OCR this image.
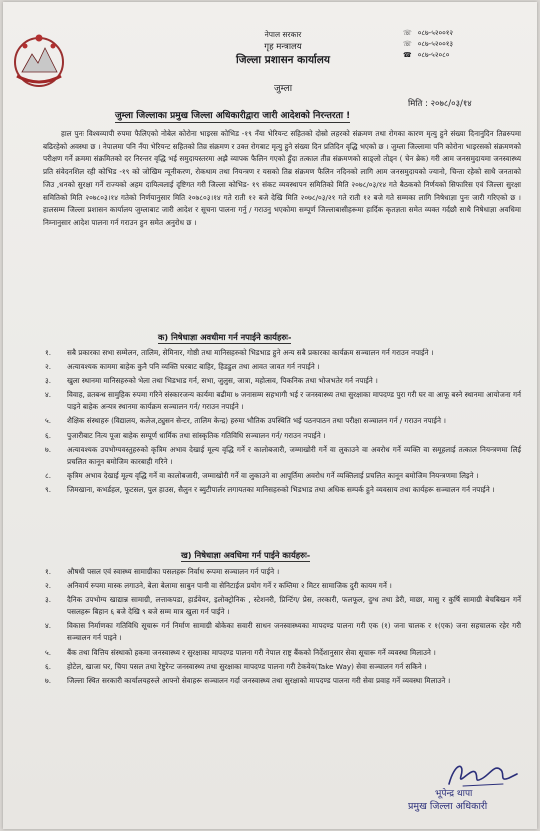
नेपाल सरकार
गृह मन्त्रालय
जिल्ला प्रशासन कार्यालय
जुम्ला
☏ ०८७-५२००१२
☏ ०८७-५२००१३
☎ ०८७-५२०८०
मिति : २०७८/०३/१४
जुम्ला जिल्लाका प्रमुख जिल्ला अधिकारीद्वारा जारी आदेशको निरन्तरता !

हाल पुनः विश्वव्यापी रुपमा फैलिएको नोबेल कोरोना भाइरस कोभिड -१९ नँया भेरियन्ट सहितको दोस्रो लहरको संक्रमण तथा रोगका कारण मृत्यु हुने संख्या दिनानुदिन तिव्ररुपमा बढिरहेको अवस्था छ । नेपालमा पनि नँया भेरियन्ट सहितको तिव्र संक्रमण र उक्त रोगबाट मृत्यु हुने संख्या दिन प्रतिदिन वृद्धि भएको छ । जुम्ला जिल्लामा पनि कोरोना भाइरसको संक्रमणको परीक्षण गर्ने क्रममा संक्रमितको दर निरन्तर वृद्धि भई समुदायस्तरमा अझै व्यापक फैलिन गएको हुँदा तत्काल तीव्र संक्रमणको साङ्लो तोड्न ( चेन ब्रेक) गरी आम जनसमुदायमा जनस्वास्थ्य प्रति संवेदनशिल रही कोभिड -१९ को जोखिम न्यूनीकरण, रोकथाम तथा नियन्त्रण र यसको तिब्र संक्रमण फैलिन नदिनको लागि आम जनसमुदायको ज्यानो, चिन्ता रहेको साथै जनताको जिउ ,धनको सुरक्षा गर्ने राज्यको अहम दायित्वलाई दृष्टिगत गरी जिल्ला कोभिड- १९ संकट व्यवस्थापन समितिको मिति २०७८/०३/१४ गते बैठकको निर्णयको सिफारिस एवं जिल्ला सुरक्षा समितिको मिति २०७८०३।१४ गतेको निर्णयानुसार मिति २०७८०३।१४ गते राती १२ बजे देखि मिति २०७८/०३/२१ गते राती १२ बजे गते सम्मका लागि निषेधाज्ञा पुनः जारी गरिएको छ । हालसम्म जिल्ला प्रशासन कार्यालय जुम्लाबाट जारी आदेश र सूचना पालना गर्नु / गराउनु भएकोमा सम्पूर्ण जिल्लाबासीहरूमा हार्दिक कृतज्ञता समेत व्यक्त गर्दछौ साथै निषेधाज्ञा अवधिमा निम्नानुसार आदेश पालना गर्न गराउन हुन समेत अनुरोध छ ।

क) निषेधाज्ञा अवधीमा गर्न नपाईने कार्यहरुः-
१. सबै प्रकारका सभा सम्मेलन, तालिम, सेमिनार, गोष्ठी तथा मानिसहरुको भिडभाड हुने अन्य सबै प्रकारका कार्यक्रम सञ्चालन गर्न गराउन नपाईने ।
२. अत्यावश्यक काममा बाहेक कुनै पनि व्यक्ति घरबाट बाहिर, हिडडुल तथा आवत जावत गर्न नपाईने ।
३. खुला स्थानमा मानिसहरुको भेला तथा भिडभाड गर्न, सभा, जुलुस, जात्रा, महोत्सव, पिकनिक तथा भोजभतेर गर्न नपाईने ।
४. विवाह, व्रतबन्ध सामुहिक रुपमा गरिने संस्कारजन्य कार्यमा बढीमा ७ जनासम्म सहभागी भई र जनस्वास्थ्य तथा सुरक्षाका मापदण्ड पुरा गरी घर वा आफू बस्ने स्थानमा आयोजना गर्न पाइने बाहेक अन्यत्र स्थानमा कार्यक्रम सञ्चालन गर्न/ गराउन नपाईने ।
५. शैक्षिक संस्थाहरु (विद्यालय, कलेज,ट्युसन सेन्टर, तालिम केन्द्र) हरुमा भौतिक उपस्थिति भई पठनपाठन तथा परीक्षा सञ्चालन गर्न / गराउन नपाईने ।
६. पुजारीबाट नित्य पूजा बाहेक सम्पूर्ण धार्मिक तथा सांस्कृतिक गतिविधि सञ्चालन गर्न/ गराउन नपाईने ।
७. अत्यावश्यक उपभोग्यवस्तुहरुको कृत्रिम अभाव देखाई मूल्य वृद्धि गर्ने र कालोबजारी, जम्माखोरी गर्ने वा लुकाउने वा अवरोध गर्ने व्यक्ति वा समूहलाई तत्काल नियन्त्रणमा लिई प्रचलित कानून बमोजिम कारबाही गरिने ।
८. कृत्रिम अभाव देखाई मूल्य वृद्धि गर्ने वा कालोबजारी, जम्माखोरी गर्ने वा लुकाउने वा आपूर्तिमा अवरोध गर्ने व्यक्तिलाई प्रचलित कानून बमोजिम नियन्त्रणमा लिइने ।
९. जिमखाना, कभर्डहल, फूटसल, पुल हाउस, सैलुन र ब्युटीपार्लर लगायतका मानिसहरुको भिडभाड तथा अधिक सम्पर्क हुने व्यवसाय तथा कार्यहरू सञ्चालन गर्न नपाईने ।
ख) निषेधाज्ञा अवधिमा गर्न पाईने कार्यहरुः-
१. औषधी पसल एवं स्वास्थ्य सामाग्रीका पसलहरू निर्वाध रूपमा सञ्चालन गर्न पाईने ।
२. अनिवार्य रुपमा मास्क लगाउने, बेला बेलामा साबुन पानी वा सेनिटाईज प्रयोग गर्ने र कम्तिमा २ मिटर सामाजिक दुरी कायम गर्ने ।
३. दैनिक उपभोग्य खाद्यान्न सामाग्री, लत्ताकपडा, हार्डवेयर, इलोक्ट्रोनिक , स्टेशनरी, प्रिन्टिंग/ प्रेस, तरकारी, फलफूल, दुग्ध तथा डेरी, माछा, मासु र कुर्षि सामाग्री बेचबिखन गर्ने पसलहरू बिहान ६ बजे देखि ९ बजे सम्म मात्र खुला गर्न पाईने ।
४. विकास निर्माणका गतिविधि सूचारू गर्न निर्माण सामाग्री बोकेका सवारी साधन जनस्वास्थ्यका मापदण्ड पालना गरी एक (१) जना चालक र १(एक) जना सहचालक रहेर गरी सञ्चालन गर्न पाइने ।
५. बैंक तथा वित्तिय संस्थाको हकमा जनस्वास्थ्य र सुरक्षाका मापदण्ड पालना गरी नेपाल राष्ट्र बैंकको निर्देशानुसार सेवा सूचारू गर्ने व्यवस्था मिलाउने ।
६. होटेल, खाजा घर, चिया पसल तथा रेष्टुरेन्ट जनस्वास्थ्य तथा सुरक्षाका मापदण्ड पालना गरी टेकवेय(Take Way) सेवा सञ्चालन गर्न सकिने ।
७. जिल्ला स्थित सरकारी कार्यालयहरुले आफ्नो सेवाहरू सञ्चालन गर्दा जनस्वास्थ्य तथा सुरक्षाको मापदण्ड पालना गरी सेवा प्रवाह गर्ने व्यवस्था मिलाउने ।
भूपेन्द्र थापा
प्रमुख जिल्ला अधिकारी
